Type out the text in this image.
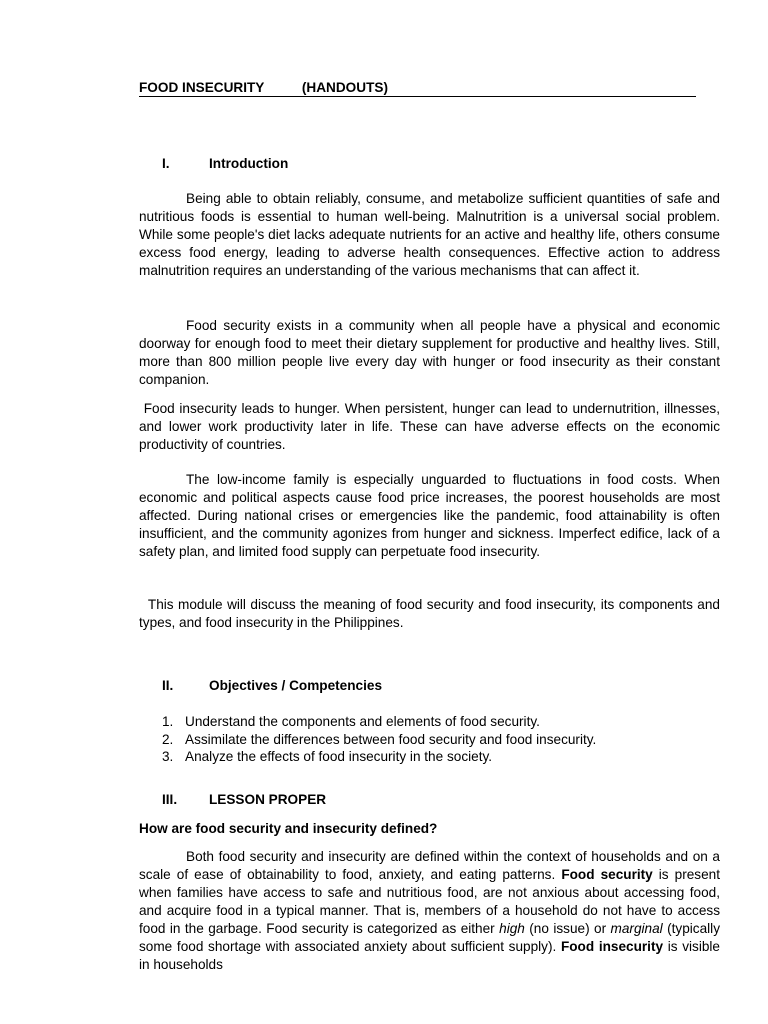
FOOD INSECURITY          (HANDOUTS)
I.	Introduction

Being able to obtain reliably, consume, and metabolize sufficient quantities of safe and nutritious foods is essential to human well-being. Malnutrition is a universal social problem. While some people's diet lacks adequate nutrients for an active and healthy life, others consume excess food energy, leading to adverse health consequences. Effective action to address malnutrition requires an understanding of the various mechanisms that can affect it.

Food security exists in a community when all people have a physical and economic doorway for enough food to meet their dietary supplement for productive and healthy lives. Still, more than 800 million people live every day with hunger or food insecurity as their constant companion.

Food insecurity leads to hunger. When persistent, hunger can lead to undernutrition, illnesses, and lower work productivity later in life. These can have adverse effects on the economic productivity of countries.

The low-income family is especially unguarded to fluctuations in food costs. When economic and political aspects cause food price increases, the poorest households are most affected. During national crises or emergencies like the pandemic, food attainability is often insufficient, and the community agonizes from hunger and sickness. Imperfect edifice, lack of a safety plan, and limited food supply can perpetuate food insecurity.

This module will discuss the meaning of food security and food insecurity, its components and types, and food insecurity in the Philippines.

II.	Objectives / Competencies
1. Understand the components and elements of food security.
2. Assimilate the differences between food security and food insecurity.
3. Analyze the effects of food insecurity in the society.
III. LESSON PROPER
How are food security and insecurity defined?

Both food security and insecurity are defined within the context of households and on a scale of ease of obtainability to food, anxiety, and eating patterns. Food security is present when families have access to safe and nutritious food, are not anxious about accessing food, and acquire food in a typical manner. That is, members of a household do not have to access food in the garbage. Food security is categorized as either high (no issue) or marginal (typically some food shortage with associated anxiety about sufficient supply). Food insecurity is visible in households
